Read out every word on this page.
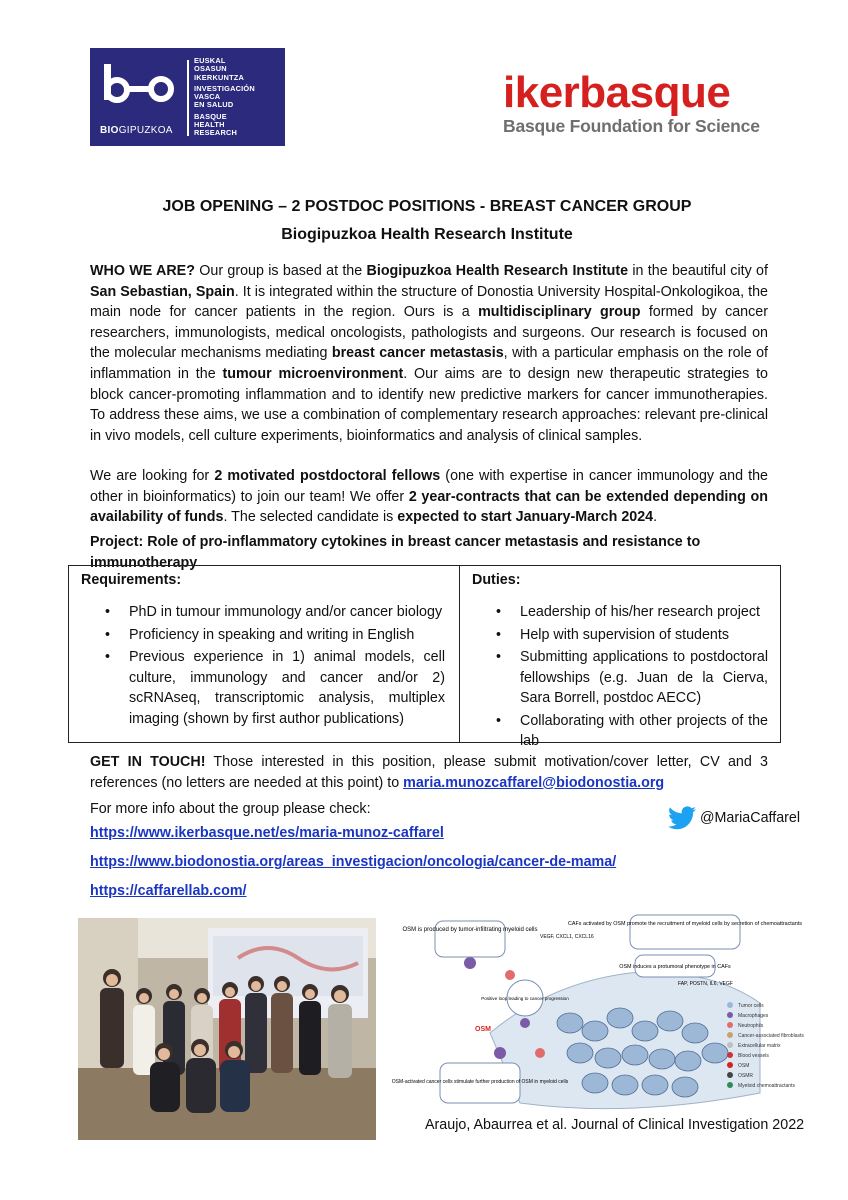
EUSKAL
OSASUN
IKERKUNTZA
INVESTIGACIÓN
VASCA
EN SALUD
BASQUE
HEALTH
RESEARCH
BIOGIPUZKOA
ikerbasque
Basque Foundation for Science
JOB OPENING – 2 POSTDOC POSITIONS - BREAST CANCER GROUP
Biogipuzkoa Health Research Institute
WHO WE ARE? Our group is based at the Biogipuzkoa Health Research Institute in the beautiful city of San Sebastian, Spain. It is integrated within the structure of Donostia University Hospital-Onkologikoa, the main node for cancer patients in the region. Ours is a multidisciplinary group formed by cancer researchers, immunologists, medical oncologists, pathologists and surgeons. Our research is focused on the molecular mechanisms mediating breast cancer metastasis, with a particular emphasis on the role of inflammation in the tumour microenvironment. Our aims are to design new therapeutic strategies to block cancer-promoting inflammation and to identify new predictive markers for cancer immunotherapies. To address these aims, we use a combination of complementary research approaches: relevant pre-clinical in vivo models, cell culture experiments, bioinformatics and analysis of clinical samples.
We are looking for 2 motivated postdoctoral fellows (one with expertise in cancer immunology and the other in bioinformatics) to join our team! We offer 2 year-contracts that can be extended depending on availability of funds. The selected candidate is expected to start January-March 2024.
Project: Role of pro-inflammatory cytokines in breast cancer metastasis and resistance to immunotherapy
Requirements:
• PhD in tumour immunology and/or cancer biology
• Proficiency in speaking and writing in English
• Previous experience in 1) animal models, cell culture, immunology and cancer and/or 2) scRNAseq, transcriptomic analysis, multiplex imaging (shown by first author publications)
Duties:
• Leadership of his/her research project
• Help with supervision of students
• Submitting applications to postdoctoral fellowships (e.g. Juan de la Cierva, Sara Borrell, postdoc AECC)
• Collaborating with other projects of the lab
GET IN TOUCH! Those interested in this position, please submit motivation/cover letter, CV and 3 references (no letters are needed at this point) to maria.munozcaffarel@biodonostia.org
For more info about the group please check:
https://www.ikerbasque.net/es/maria-munoz-caffarel
https://www.biodonostia.org/areas_investigacion/oncologia/cancer-de-mama/
https://caffarellab.com/
@MariaCaffarel
OSM is produced by tumor-infiltrating myeloid cells
CAFs activated by OSM promote the recruitment of myeloid cells by secretion of chemoattractants
OSM induces a protumoral phenotype in CAFs
Positive loop leading to cancer progression
OSM-activated cancer cells stimulate further production of OSM in myeloid cells
VEGF, CXCL1, CXCL16
FAP, POSTN, IL6, VEGF
OSM
Tumor cells
Macrophages
Neutrophils
Cancer-associated fibroblasts
Extracellular matrix
Blood vessels
OSM
OSMR
Myeloid chemoattractants
Araujo, Abaurrea et al. Journal of Clinical Investigation 2022
